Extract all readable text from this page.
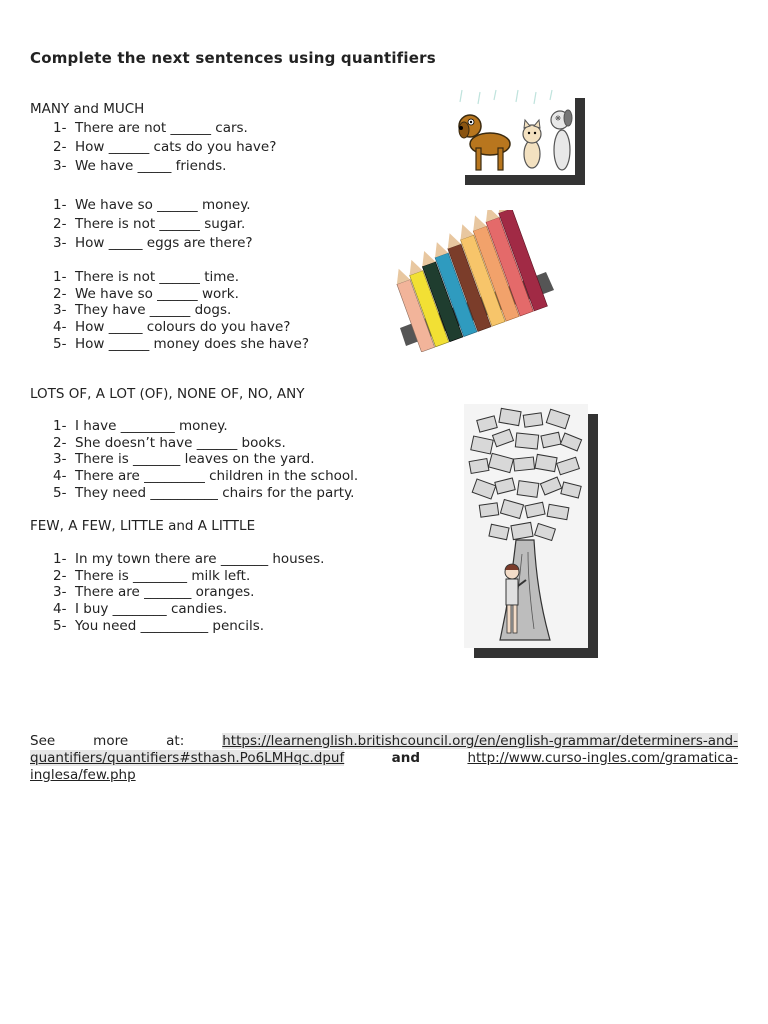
Complete the next sentences using quantifiers
MANY and MUCH
1- There are not ______ cars.
2- How ______ cats do you have?
3- We have _____ friends.
1- We have so ______ money.
2- There is not ______ sugar.
3- How _____ eggs are there?
1- There is not ______ time.
2- We have so ______ work.
3- They have ______ dogs.
4- How _____ colours do you have?
5- How ______ money does she have?
LOTS OF, A LOT (OF), NONE OF, NO, ANY
1- I have ________ money.
2- She doesn’t have ______ books.
3- There is _______ leaves on the yard.
4- There are _________ children in the school.
5- They need __________ chairs for the party.
FEW, A FEW, LITTLE and A LITTLE
1- In my town there are _______ houses.
2- There is ________ milk left.
3- There are _______ oranges.
4- I buy ________ candies.
5- You need __________ pencils.
See more at:	https://learnenglish.britishcouncil.org/en/english-grammar/determiners-and-quantifiers/quantifiers#sthash.Po6LMHqc.dpuf	and	http://www.curso-ingles.com/gramatica-inglesa/few.php
